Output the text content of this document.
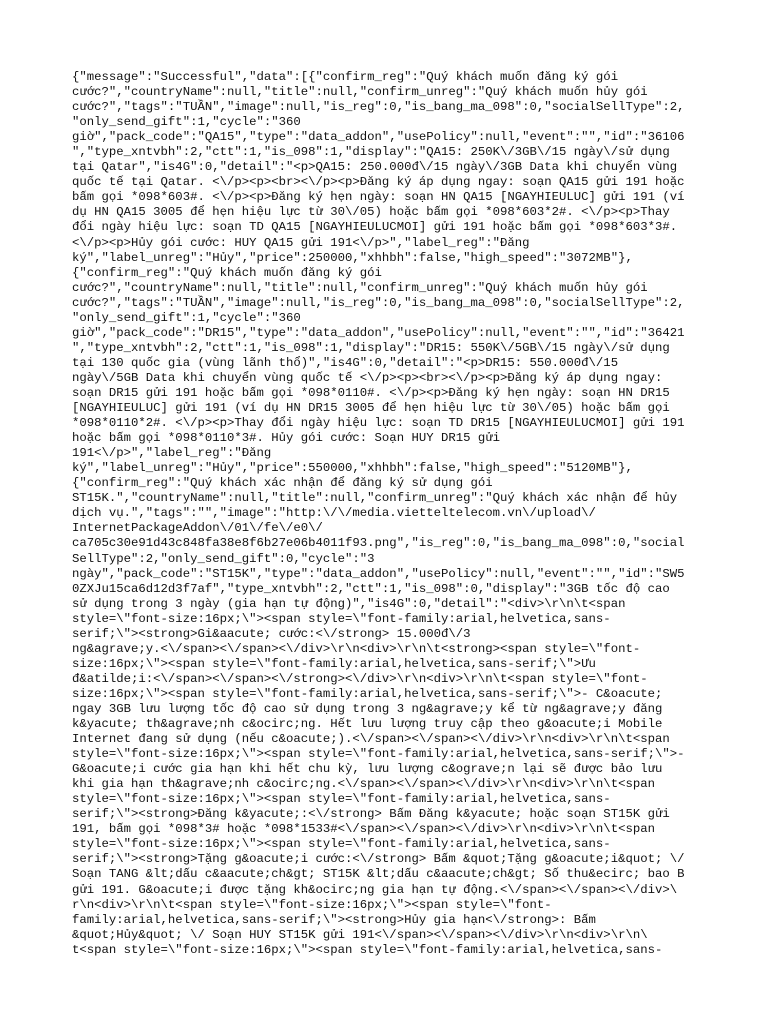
{"message":"Successful","data":[{"confirm_reg":"Quý khách muốn đăng ký gói
cước?","countryName":null,"title":null,"confirm_unreg":"Quý khách muốn hủy gói
cước?","tags":"TUẦN","image":null,"is_reg":0,"is_bang_ma_098":0,"socialSellType":2,
"only_send_gift":1,"cycle":"360
giờ","pack_code":"QA15","type":"data_addon","usePolicy":null,"event":"","id":"36106
","type_xntvbh":2,"ctt":1,"is_098":1,"display":"QA15: 250K\/3GB\/15 ngày\/sử dụng
tại Qatar","is4G":0,"detail":"<p>QA15: 250.000đ\/15 ngày\/3GB Data khi chuyển vùng
quốc tế tại Qatar. <\/p><p><br><\/p><p>Đăng ký áp dụng ngay: soạn QA15 gửi 191 hoặc
bấm gọi *098*603#. <\/p><p>Đăng ký hẹn ngày: soạn HN QA15 [NGAYHIEULUC] gửi 191 (ví
dụ HN QA15 3005 để hẹn hiệu lực từ 30\/05) hoặc bấm gọi *098*603*2#. <\/p><p>Thay
đổi ngày hiệu lực: soạn TD QA15 [NGAYHIEULUCMOI] gửi 191 hoặc bấm gọi *098*603*3#.
<\/p><p>Hủy gói cước: HUY QA15 gửi 191<\/p>","label_reg":"Đăng
ký","label_unreg":"Hủy","price":250000,"xhhbh":false,"high_speed":"3072MB"},
{"confirm_reg":"Quý khách muốn đăng ký gói
cước?","countryName":null,"title":null,"confirm_unreg":"Quý khách muốn hủy gói
cước?","tags":"TUẦN","image":null,"is_reg":0,"is_bang_ma_098":0,"socialSellType":2,
"only_send_gift":1,"cycle":"360
giờ","pack_code":"DR15","type":"data_addon","usePolicy":null,"event":"","id":"36421
","type_xntvbh":2,"ctt":1,"is_098":1,"display":"DR15: 550K\/5GB\/15 ngày\/sử dụng
tại 130 quốc gia (vùng lãnh thổ)","is4G":0,"detail":"<p>DR15: 550.000đ\/15
ngày\/5GB Data khi chuyển vùng quốc tế <\/p><p><br><\/p><p>Đăng ký áp dụng ngay:
soạn DR15 gửi 191 hoặc bấm gọi *098*0110#. <\/p><p>Đăng ký hẹn ngày: soạn HN DR15
[NGAYHIEULUC] gửi 191 (ví dụ HN DR15 3005 để hẹn hiệu lực từ 30\/05) hoặc bấm gọi
*098*0110*2#. <\/p><p>Thay đổi ngày hiệu lực: soạn TD DR15 [NGAYHIEULUCMOI] gửi 191
hoặc bấm gọi *098*0110*3#. Hủy gói cước: Soạn HUY DR15 gửi
191<\/p>","label_reg":"Đăng
ký","label_unreg":"Hủy","price":550000,"xhhbh":false,"high_speed":"5120MB"},
{"confirm_reg":"Quý khách xác nhận để đăng ký sử dụng gói
ST15K.","countryName":null,"title":null,"confirm_unreg":"Quý khách xác nhận để hủy
dịch vụ.","tags":"","image":"http:\/\/media.vietteltelecom.vn\/upload\/
InternetPackageAddon\/01\/fe\/e0\/
ca705c30e91d43c848fa38e8f6b27e06b4011f93.png","is_reg":0,"is_bang_ma_098":0,"social
SellType":2,"only_send_gift":0,"cycle":"3
ngày","pack_code":"ST15K","type":"data_addon","usePolicy":null,"event":"","id":"SW5
0ZXJu15ca6d12d3f7af","type_xntvbh":2,"ctt":1,"is_098":0,"display":"3GB tốc độ cao
sử dụng trong 3 ngày (gia hạn tự động)","is4G":0,"detail":"<div>\r\n\t<span
style=\"font-size:16px;\"><span style=\"font-family:arial,helvetica,sans-
serif;\"><strong>Gi&aacute; cước:<\/strong> 15.000đ\/3
ng&agrave;y.<\/span><\/span><\/div>\r\n<div>\r\n\t<strong><span style=\"font-
size:16px;\"><span style=\"font-family:arial,helvetica,sans-serif;\">Ưu
đ&atilde;i:<\/span><\/span><\/strong><\/div>\r\n<div>\r\n\t<span style=\"font-
size:16px;\"><span style=\"font-family:arial,helvetica,sans-serif;\">- C&oacute;
ngay 3GB lưu lượng tốc độ cao sử dụng trong 3 ng&agrave;y kể từ ng&agrave;y đăng
k&yacute; th&agrave;nh c&ocirc;ng. Hết lưu lượng truy cập theo g&oacute;i Mobile
Internet đang sử dụng (nếu c&oacute;).<\/span><\/span><\/div>\r\n<div>\r\n\t<span
style=\"font-size:16px;\"><span style=\"font-family:arial,helvetica,sans-serif;\">-
G&oacute;i cước gia hạn khi hết chu kỳ, lưu lượng c&ograve;n lại sẽ được bảo lưu
khi gia hạn th&agrave;nh c&ocirc;ng.<\/span><\/span><\/div>\r\n<div>\r\n\t<span
style=\"font-size:16px;\"><span style=\"font-family:arial,helvetica,sans-
serif;\"><strong>Đăng k&yacute;:<\/strong> Bấm Đăng k&yacute; hoặc soạn ST15K gửi
191, bấm gọi *098*3# hoặc *098*1533#<\/span><\/span><\/div>\r\n<div>\r\n\t<span
style=\"font-size:16px;\"><span style=\"font-family:arial,helvetica,sans-
serif;\"><strong>Tặng g&oacute;i cước:<\/strong> Bấm &quot;Tặng g&oacute;i&quot; \/
Soạn TANG &lt;dấu c&aacute;ch&gt; ST15K &lt;dấu c&aacute;ch&gt; Số thu&ecirc; bao B
gửi 191. G&oacute;i được tặng kh&ocirc;ng gia hạn tự động.<\/span><\/span><\/div>\
r\n<div>\r\n\t<span style=\"font-size:16px;\"><span style=\"font-
family:arial,helvetica,sans-serif;\"><strong>Hủy gia hạn<\/strong>: Bấm
&quot;Hủy&quot; \/ Soạn HUY ST15K gửi 191<\/span><\/span><\/div>\r\n<div>\r\n\
t<span style=\"font-size:16px;\"><span style=\"font-family:arial,helvetica,sans-
